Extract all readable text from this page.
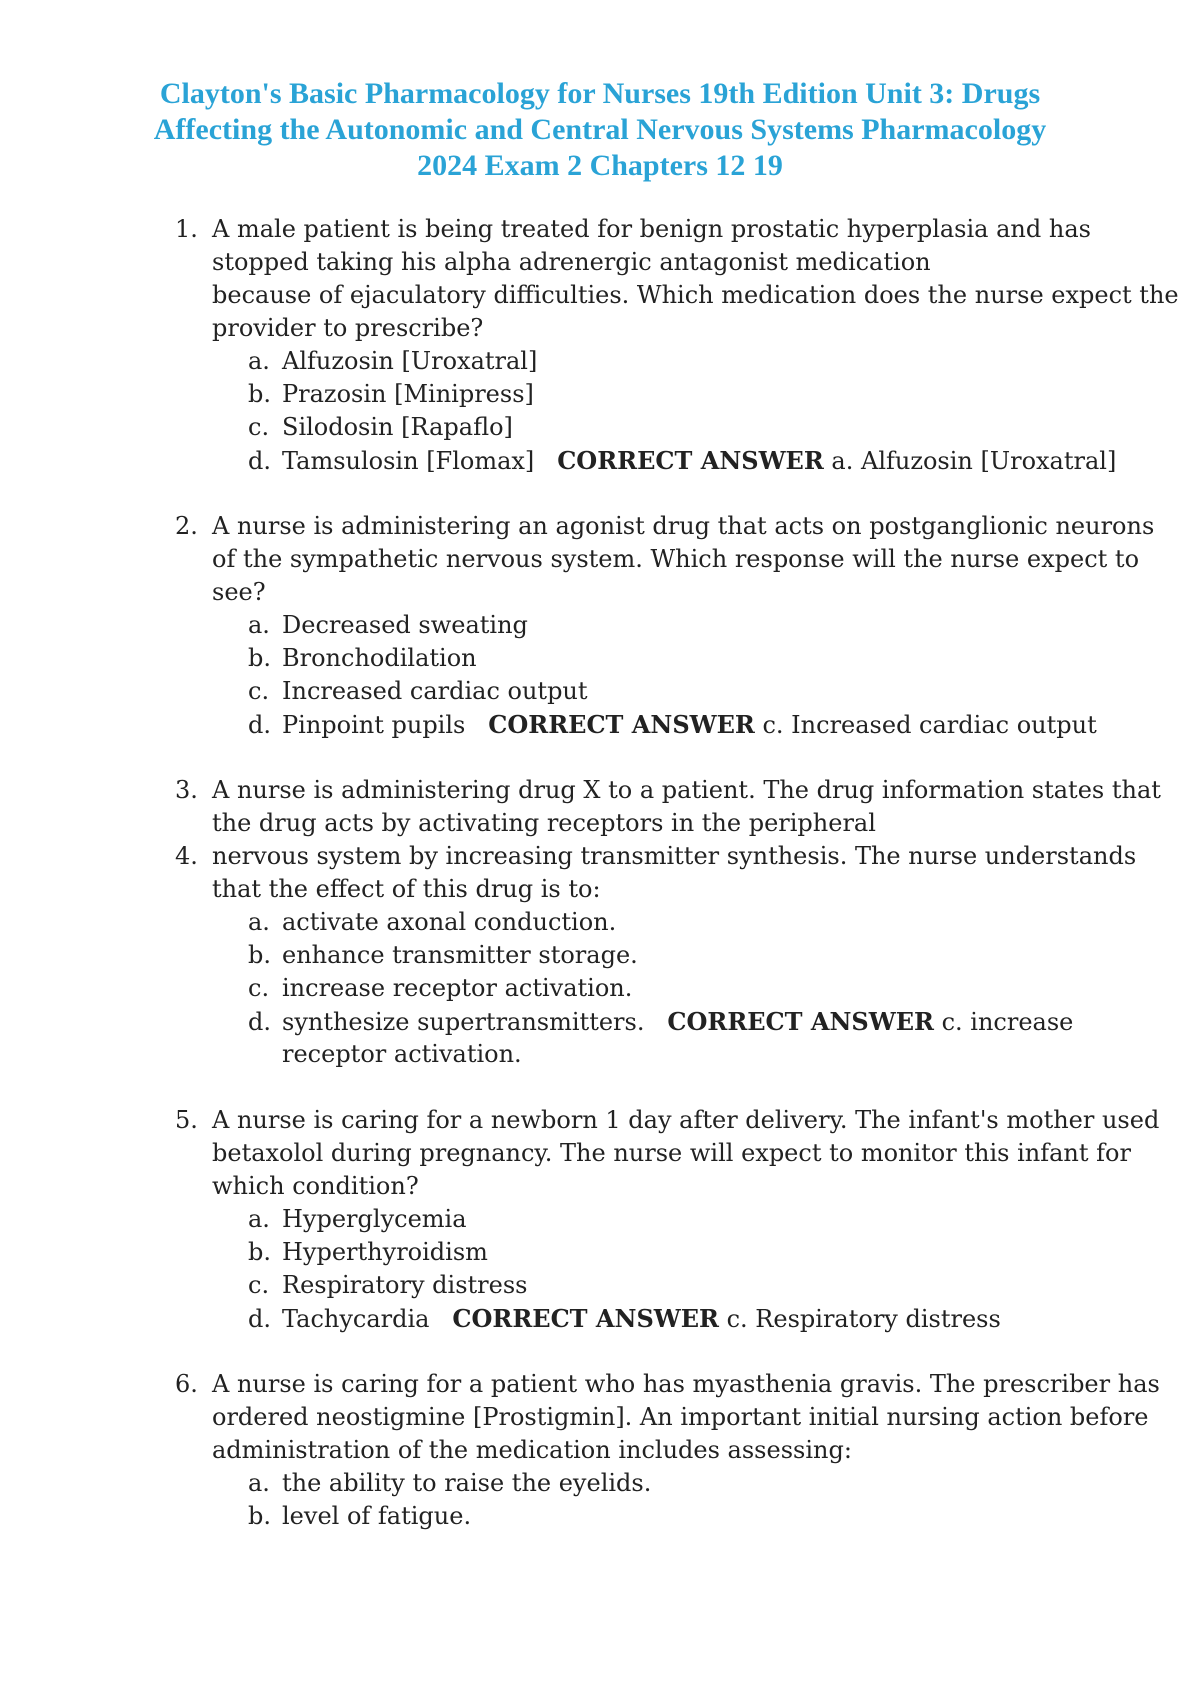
Clayton's Basic Pharmacology for Nurses 19th Edition Unit 3: Drugs
Affecting the Autonomic and Central Nervous Systems Pharmacology
2024 Exam 2 Chapters 12 19
1. A male patient is being treated for benign prostatic hyperplasia and has
stopped taking his alpha adrenergic antagonist medication
because of ejaculatory difficulties. Which medication does the nurse expect the
provider to prescribe?
a. Alfuzosin [Uroxatral]
b. Prazosin [Minipress]
c. Silodosin [Rapaflo]
d. Tamsulosin [Flomax] CORRECT ANSWER a. Alfuzosin [Uroxatral]
2. A nurse is administering an agonist drug that acts on postganglionic neurons
of the sympathetic nervous system. Which response will the nurse expect to
see?
a. Decreased sweating
b. Bronchodilation
c. Increased cardiac output
d. Pinpoint pupils CORRECT ANSWER c. Increased cardiac output
3.
4.
A nurse is administering drug X to a patient. The drug information states that
the drug acts by activating receptors in the peripheral
nervous system by increasing transmitter synthesis. The nurse understands
that the effect of this drug is to:
a. activate axonal conduction.
b. enhance transmitter storage.
c. increase receptor activation.
d. synthesize supertransmitters. CORRECT ANSWER c. increase
receptor activation.
5. A nurse is caring for a newborn 1 day after delivery. The infant's mother used
betaxolol during pregnancy. The nurse will expect to monitor this infant for
which condition?
a. Hyperglycemia
b. Hyperthyroidism
c. Respiratory distress
d. Tachycardia CORRECT ANSWER c. Respiratory distress
6. A nurse is caring for a patient who has myasthenia gravis. The prescriber has
ordered neostigmine [Prostigmin]. An important initial nursing action before
administration of the medication includes assessing:
a. the ability to raise the eyelids.
b. level of fatigue.
